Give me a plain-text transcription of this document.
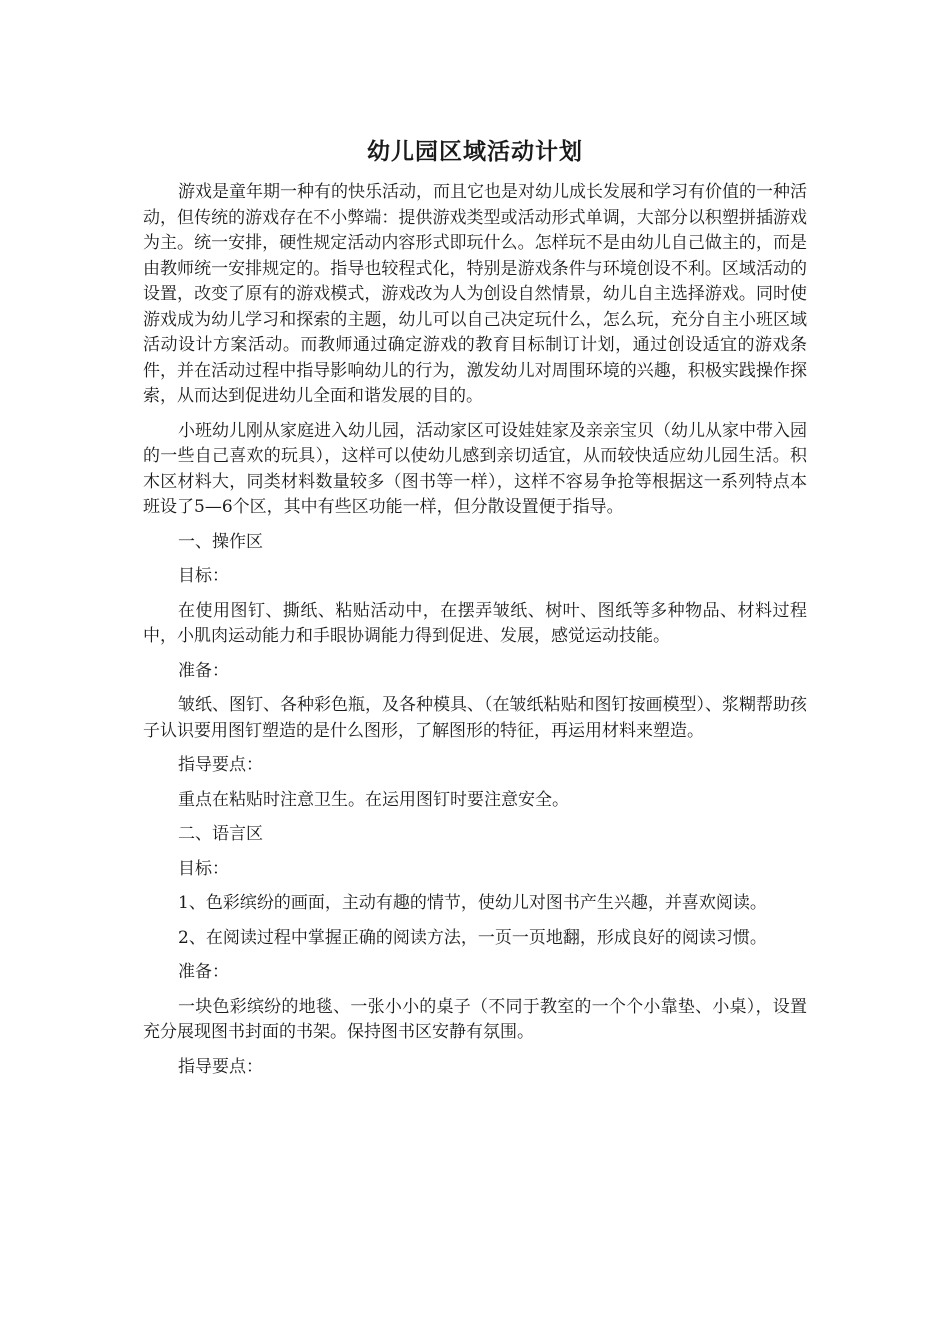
幼儿园区域活动计划

游戏是童年期一种有的快乐活动，而且它也是对幼儿成长发展和学习有价值的一种活动，但传统的游戏存在不小弊端：提供游戏类型或活动形式单调，大部分以积塑拼插游戏为主。统一安排，硬性规定活动内容形式即玩什么。怎样玩不是由幼儿自己做主的，而是由教师统一安排规定的。指导也较程式化，特别是游戏条件与环境创设不利。区域活动的设置，改变了原有的游戏模式，游戏改为人为创设自然情景，幼儿自主选择游戏。同时使游戏成为幼儿学习和探索的主题，幼儿可以自己决定玩什么，怎么玩，充分自主小班区域活动设计方案活动。而教师通过确定游戏的教育目标制订计划，通过创设适宜的游戏条件，并在活动过程中指导影响幼儿的行为，激发幼儿对周围环境的兴趣，积极实践操作探索，从而达到促进幼儿全面和谐发展的目的。

小班幼儿刚从家庭进入幼儿园，活动家区可设娃娃家及亲亲宝贝（幼儿从家中带入园的一些自己喜欢的玩具），这样可以使幼儿感到亲切适宜，从而较快适应幼儿园生活。积木区材料大，同类材料数量较多（图书等一样），这样不容易争抢等根据这一系列特点本班设了5—6个区，其中有些区功能一样，但分散设置便于指导。

一、操作区

目标：

在使用图钉、撕纸、粘贴活动中，在摆弄皱纸、树叶、图纸等多种物品、材料过程中，小肌肉运动能力和手眼协调能力得到促进、发展，感觉运动技能。

准备：

皱纸、图钉、各种彩色瓶，及各种模具、（在皱纸粘贴和图钉按画模型）、浆糊帮助孩子认识要用图钉塑造的是什么图形，了解图形的特征，再运用材料来塑造。

指导要点：

重点在粘贴时注意卫生。在运用图钉时要注意安全。

二、语言区

目标：

1、色彩缤纷的画面，主动有趣的情节，使幼儿对图书产生兴趣，并喜欢阅读。

2、在阅读过程中掌握正确的阅读方法，一页一页地翻，形成良好的阅读习惯。

准备：

一块色彩缤纷的地毯、一张小小的桌子（不同于教室的一个个小靠垫、小桌），设置充分展现图书封面的书架。保持图书区安静有氛围。

指导要点：
